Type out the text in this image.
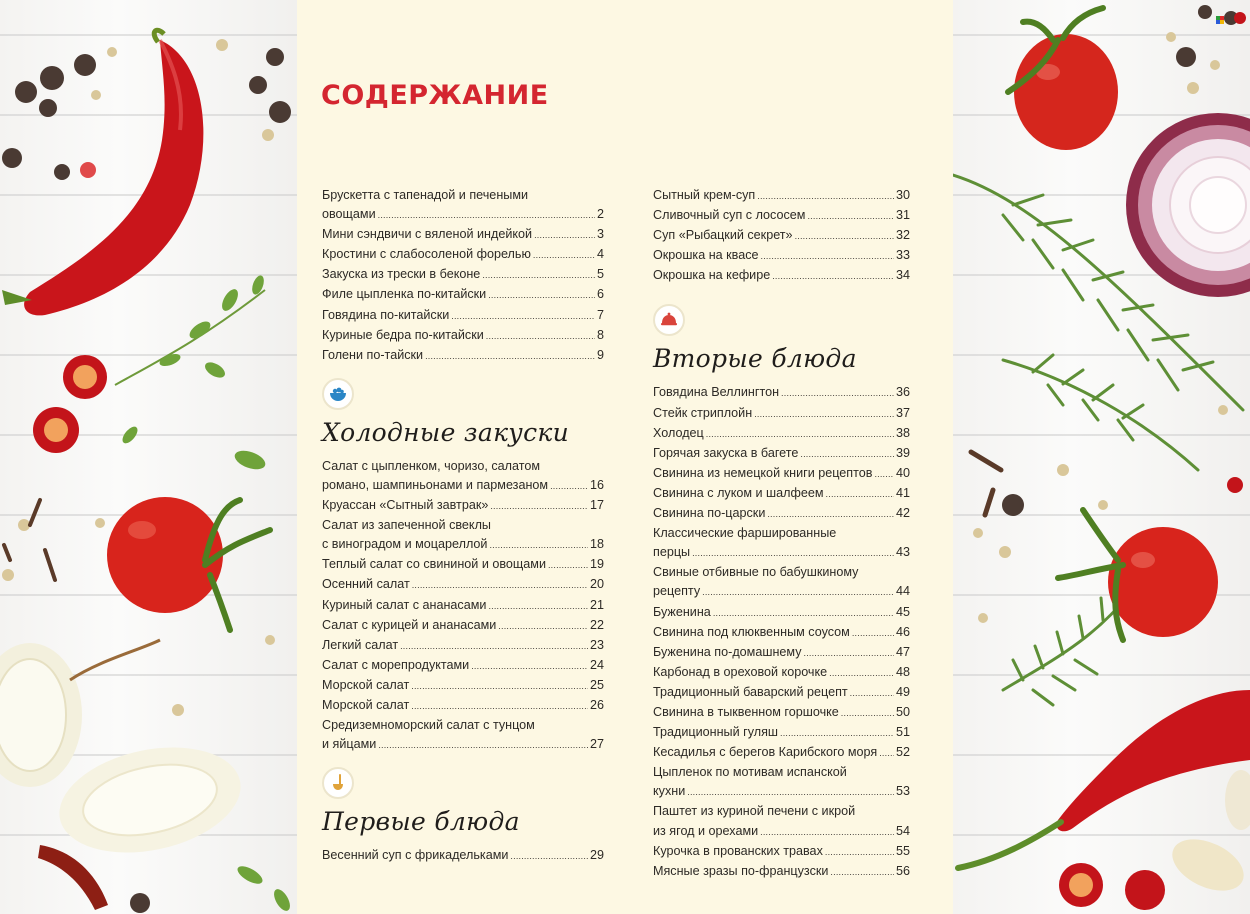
СОДЕРЖАНИЕ
Брускетта с тапенадой и печеными
овощами .....	2
Мини сэндвичи с вяленой индейкой .....	3
Кростини с слабосоленой форелью .....	4
Закуска из трески в беконе .....	5
Филе цыпленка по-китайски .....	6
Говядина по-китайски .....	7
Куриные бедра по-китайски .....	8
Голени по-тайски .....	9
Холодные закуски
Салат с цыпленком, чоризо, салатом
романо, шампиньонами и пармезаном .....	16
Круассан «Сытный завтрак» .....	17
Салат из запеченной свеклы
с виноградом и моцареллой .....	18
Теплый салат со свининой и овощами .....	19
Осенний салат .....	20
Куриный салат с ананасами .....	21
Салат с курицей и ананасами .....	22
Легкий салат .....	23
Салат с морепродуктами .....	24
Морской салат .....	25
Морской салат .....	26
Средиземноморский салат с тунцом
и яйцами .....	27
Первые блюда
Весенний суп с фрикадельками .....	29
Сытный крем-суп .....	30
Сливочный суп с лососем .....	31
Суп «Рыбацкий секрет» .....	32
Окрошка на квасе .....	33
Окрошка на кефире .....	34
Вторые блюда
Говядина Веллингтон .....	36
Стейк стриплойн .....	37
Холодец .....	38
Горячая закуска в багете .....	39
Свинина из немецкой книги рецептов ..... 40
Свинина с луком и шалфеем .....	41
Свинина по-царски .....	42
Классические фаршированные
перцы .....	43
Свиные отбивные по бабушкиному
рецепту .....	44
Буженина .....	45
Свинина под клюквенным соусом .....	46
Буженина по-домашнему .....	47
Карбонад в ореховой корочке .....	48
Традиционный баварский рецепт .....	49
Свинина в тыквенном горшочке .....	50
Традиционный гуляш .....	51
Кесадилья с берегов Карибского моря ..... 52
Цыпленок по мотивам испанской
кухни .....	53
Паштет из куриной печени с икрой
из ягод и орехами .....	54
Курочка в прованских травах .....	55
Мясные зразы по-французски .....	56
